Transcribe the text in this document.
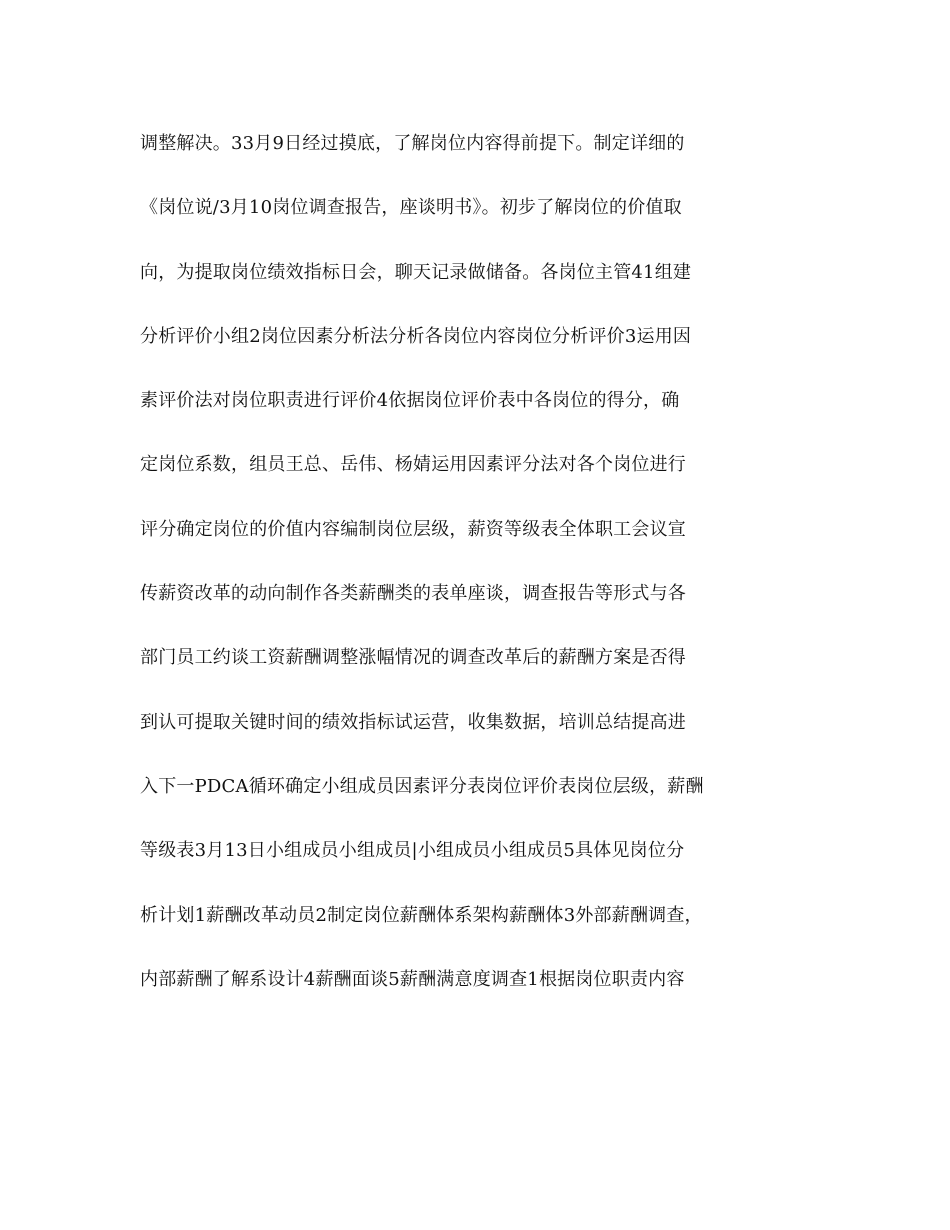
调整解决。33月9日经过摸底，了解岗位内容得前提下。制定详细的
《岗位说/3月10岗位调查报告，座谈明书》。初步了解岗位的价值取
向，为提取岗位绩效指标日会，聊天记录做储备。各岗位主管41组建
分析评价小组2岗位因素分析法分析各岗位内容岗位分析评价3运用因
素评价法对岗位职责进行评价4依据岗位评价表中各岗位的得分，确
定岗位系数，组员王总、岳伟、杨婧运用因素评分法对各个岗位进行
评分确定岗位的价值内容编制岗位层级，薪资等级表全体职工会议宣
传薪资改革的动向制作各类薪酬类的表单座谈，调查报告等形式与各
部门员工约谈工资薪酬调整涨幅情况的调查改革后的薪酬方案是否得
到认可提取关键时间的绩效指标试运营，收集数据，培训总结提高进
入下一PDCA循环确定小组成员因素评分表岗位评价表岗位层级，薪酬
等级表3月13日小组成员小组成员|小组成员小组成员5具体见岗位分
析计划1薪酬改革动员2制定岗位薪酬体系架构薪酬体3外部薪酬调查，
内部薪酬了解系设计4薪酬面谈5薪酬满意度调查1根据岗位职责内容
